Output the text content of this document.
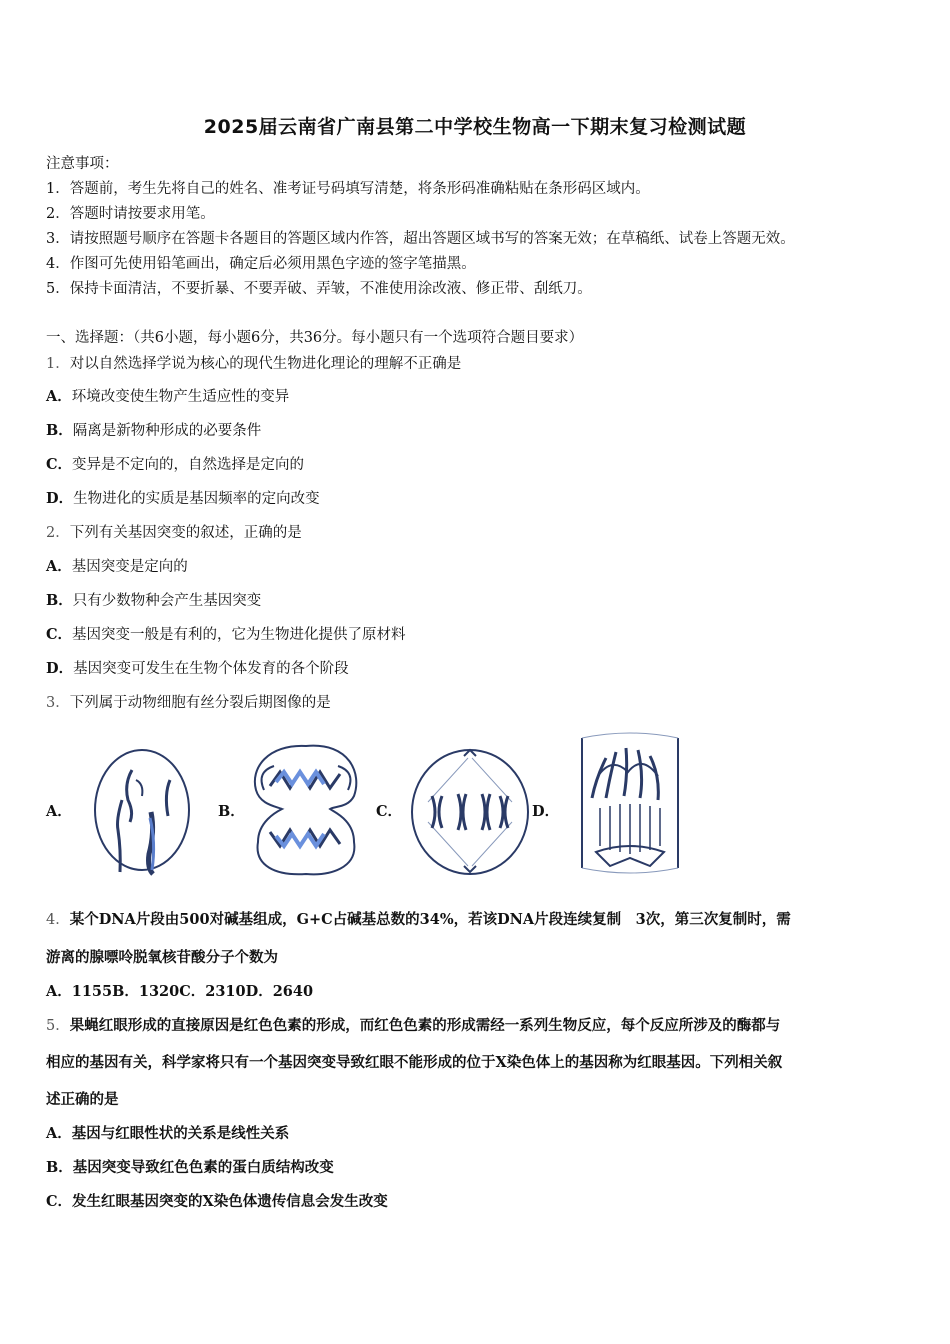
2025届云南省广南县第二中学校生物高一下期末复习检测试题
注意事项：
1．答题前，考生先将自己的姓名、准考证号码填写清楚，将条形码准确粘贴在条形码区域内。
2．答题时请按要求用笔。
3．请按照题号顺序在答题卡各题目的答题区域内作答，超出答题区域书写的答案无效；在草稿纸、试卷上答题无效。
4．作图可先使用铅笔画出，确定后必须用黑色字迹的签字笔描黑。
5．保持卡面清洁，不要折暴、不要弄破、弄皱，不准使用涂改液、修正带、刮纸刀。
一、选择题：（共6小题，每小题6分，共36分。每小题只有一个选项符合题目要求）
1．对以自然选择学说为核心的现代生物进化理论的理解不正确是
A．环境改变使生物产生适应性的变异
B．隔离是新物种形成的必要条件
C．变异是不定向的，自然选择是定向的
D．生物进化的实质是基因频率的定向改变
2．下列有关基因突变的叙述，正确的是
A．基因突变是定向的
B．只有少数物种会产生基因突变
C．基因突变一般是有利的，它为生物进化提供了原材料
D．基因突变可发生在生物个体发育的各个阶段
3．下列属于动物细胞有丝分裂后期图像的是
A．	B．	C．	D．
4．某个DNA片段由500对碱基组成，G+C占碱基总数的34%，若该DNA片段连续复制　3次，第三次复制时，需
游离的腺嘌呤脱氧核苷酸分子个数为
A．1155B．1320C．2310D．2640
5．果蝇红眼形成的直接原因是红色色素的形成，而红色色素的形成需经一系列生物反应，每个反应所涉及的酶都与
相应的基因有关，科学家将只有一个基因突变导致红眼不能形成的位于X染色体上的基因称为红眼基因。下列相关叙
述正确的是
A．基因与红眼性状的关系是线性关系
B．基因突变导致红色色素的蛋白质结构改变
C．发生红眼基因突变的X染色体遗传信息会发生改变
